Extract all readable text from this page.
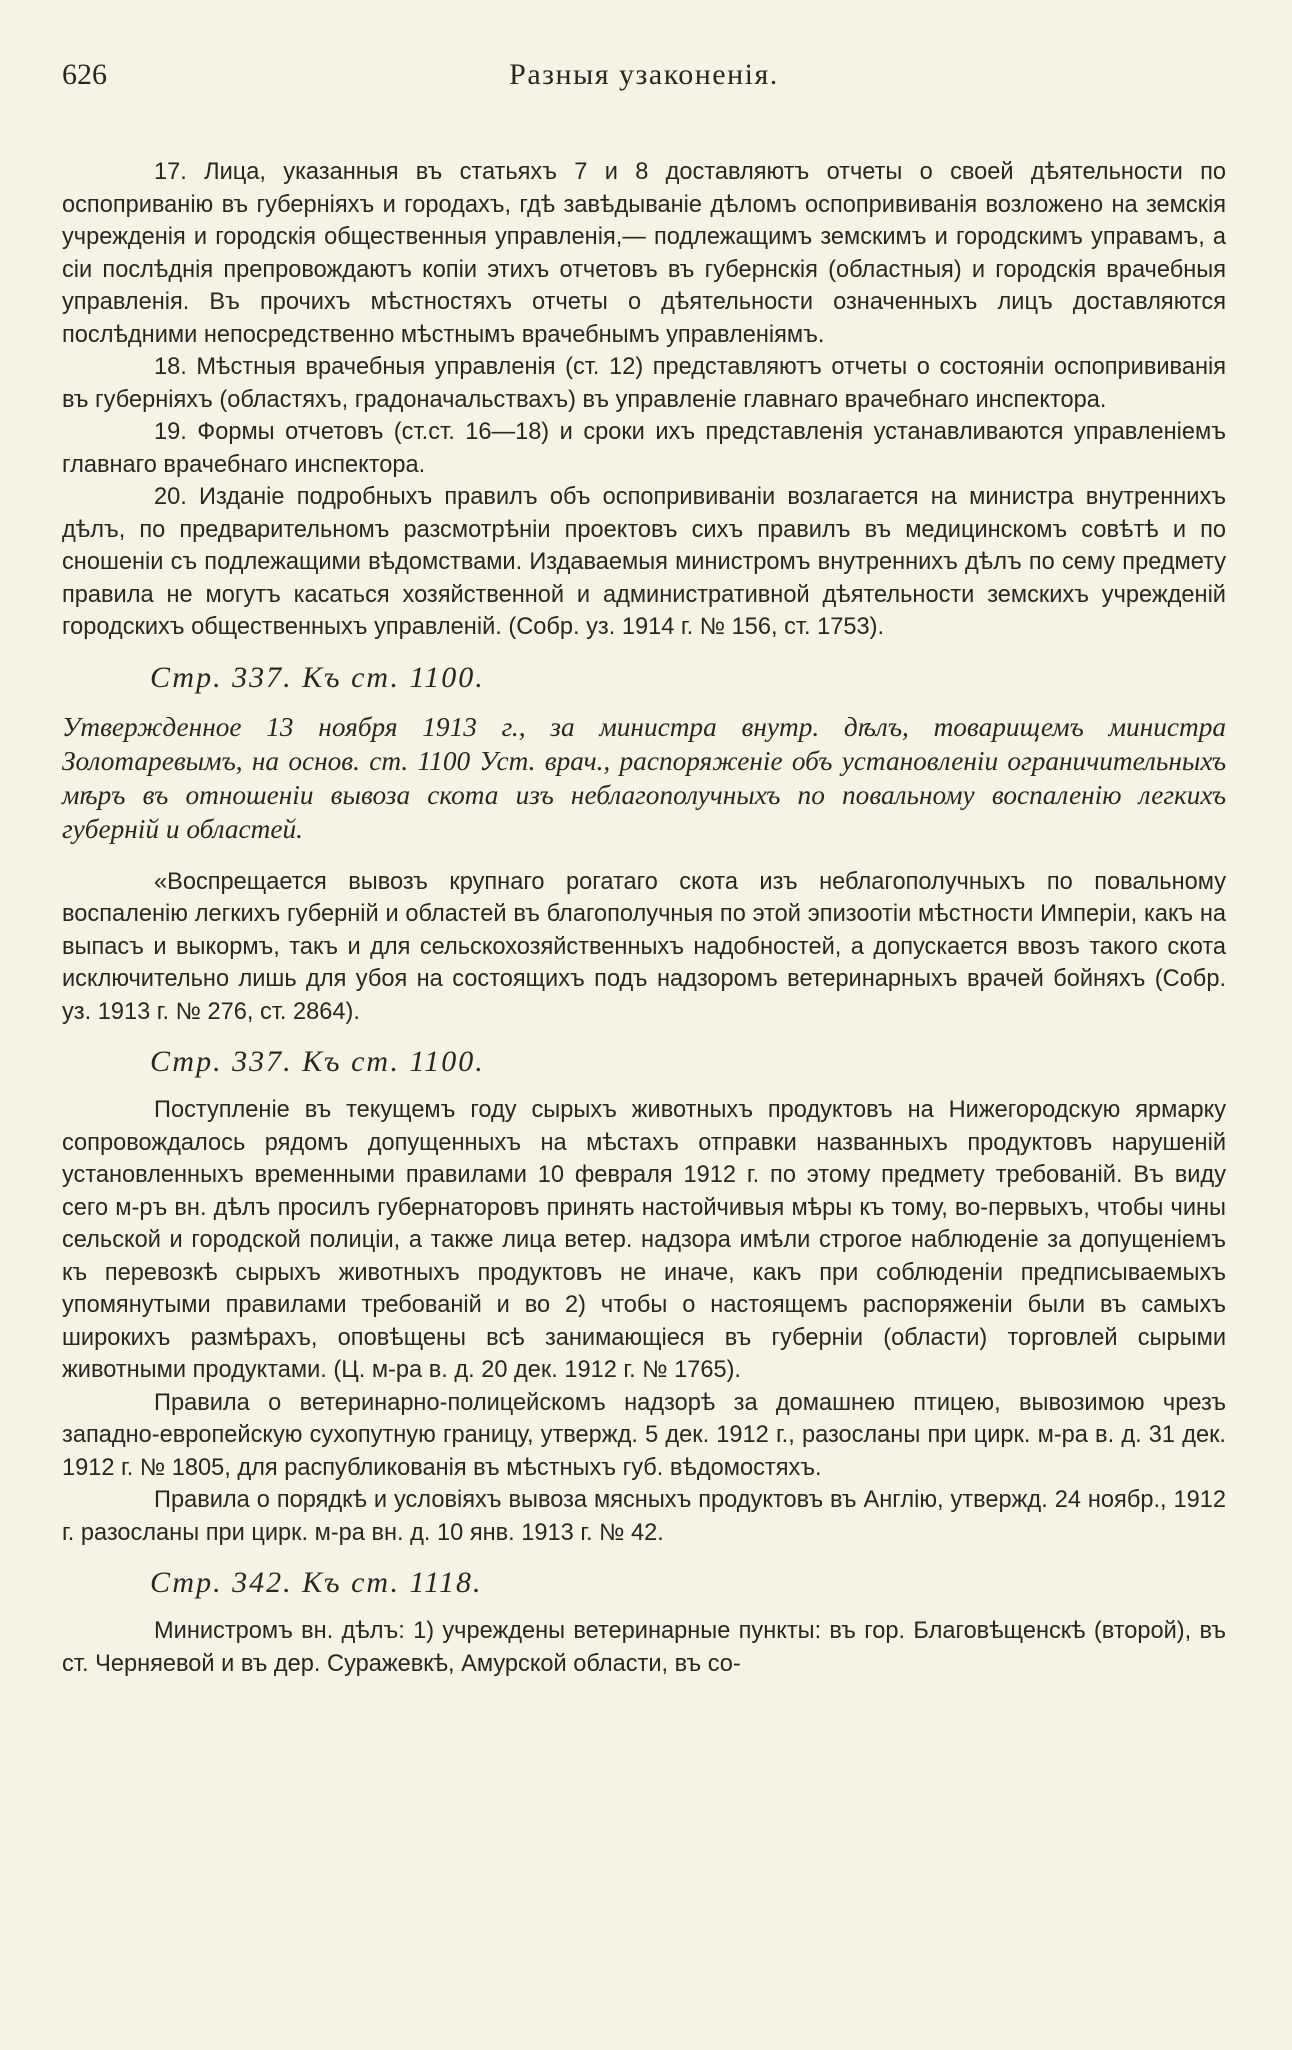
626	Разныя узаконенія.

17. Лица, указанныя въ статьяхъ 7 и 8 доставляютъ отчеты о своей дѣятельности по оспоприванію въ губерніяхъ и городахъ, гдѣ завѣдываніе дѣломъ оспопрививанія возложено на земскія учрежденія и городскія общественныя управленія,— подлежащимъ земскимъ и городскимъ управамъ, а сіи послѣднія препровождаютъ копіи этихъ отчетовъ въ губернскія (областныя) и городскія врачебныя управленія. Въ прочихъ мѣстностяхъ отчеты о дѣятельности означенныхъ лицъ доставляются послѣдними непосредственно мѣстнымъ врачебнымъ управленіямъ.

18. Мѣстныя врачебныя управленія (ст. 12) представляютъ отчеты о состояніи оспопрививанія въ губерніяхъ (областяхъ, градоначальствахъ) въ управленіе главнаго врачебнаго инспектора.

19. Формы отчетовъ (ст.ст. 16—18) и сроки ихъ представленія устанавливаются управленіемъ главнаго врачебнаго инспектора.

20. Изданіе подробныхъ правилъ объ оспопрививаніи возлагается на министра внутреннихъ дѣлъ, по предварительномъ разсмотрѣніи проектовъ сихъ правилъ въ медицинскомъ совѣтѣ и по сношеніи съ подлежащими вѣдомствами. Издаваемыя министромъ внутреннихъ дѣлъ по сему предмету правила не могутъ касаться хозяйственной и административной дѣятельности земскихъ учрежденій городскихъ общественныхъ управленій. (Собр. уз. 1914 г. № 156, ст. 1753).

Стр. 337. Къ ст. 1100.
Утвержденное 13 ноября 1913 г., за министра внутр. дѣлъ, товарищемъ министра Золотаревымъ, на основ. ст. 1100 Уст. врач., распоряженіе объ установленіи ограничительныхъ мѣръ въ отношеніи вывоза скота изъ неблагополучныхъ по повальному воспаленію легкихъ губерній и областей.

«Воспрещается вывозъ крупнаго рогатаго скота изъ неблагополучныхъ по повальному воспаленію легкихъ губерній и областей въ благополучныя по этой эпизоотіи мѣстности Имперіи, какъ на выпасъ и выкормъ, такъ и для сельскохозяйственныхъ надобностей, а допускается ввозъ такого скота исключительно лишь для убоя на состоящихъ подъ надзоромъ ветеринарныхъ врачей бойняхъ (Собр. уз. 1913 г. № 276, ст. 2864).

Стр. 337. Къ ст. 1100.

Поступленіе въ текущемъ году сырыхъ животныхъ продуктовъ на Нижегородскую ярмарку сопровождалось рядомъ допущенныхъ на мѣстахъ отправки названныхъ продуктовъ нарушеній установленныхъ временными правилами 10 февраля 1912 г. по этому предмету требованій. Въ виду сего м-ръ вн. дѣлъ просилъ губернаторовъ принять настойчивыя мѣры къ тому, во-первыхъ, чтобы чины сельской и городской полиціи, а также лица ветер. надзора имѣли строгое наблюденіе за допущеніемъ къ перевозкѣ сырыхъ животныхъ продуктовъ не иначе, какъ при соблюденіи предписываемыхъ упомянутыми правилами требованій и во 2) чтобы о настоящемъ распоряженіи были въ самыхъ широкихъ размѣрахъ, оповѣщены всѣ занимающіеся въ губерніи (области) торговлей сырыми животными продуктами. (Ц. м-ра в. д. 20 дек. 1912 г. № 1765).

Правила о ветеринарно-полицейскомъ надзорѣ за домашнею птицею, вывозимою чрезъ западно-европейскую сухопутную границу, утвержд. 5 дек. 1912 г., разосланы при цирк. м-ра в. д. 31 дек. 1912 г. № 1805, для распубликованія въ мѣстныхъ губ. вѣдомостяхъ.

Правила о порядкѣ и условіяхъ вывоза мясныхъ продуктовъ въ Англію, утвержд. 24 ноябр., 1912 г. разосланы при цирк. м-ра вн. д. 10 янв. 1913 г. № 42.

Стр. 342. Къ ст. 1118.

Министромъ вн. дѣлъ: 1) учреждены ветеринарные пункты: въ гор. Благовѣщенскѣ (второй), въ ст. Черняевой и въ дер. Суражевкѣ, Амурской области, въ со-
